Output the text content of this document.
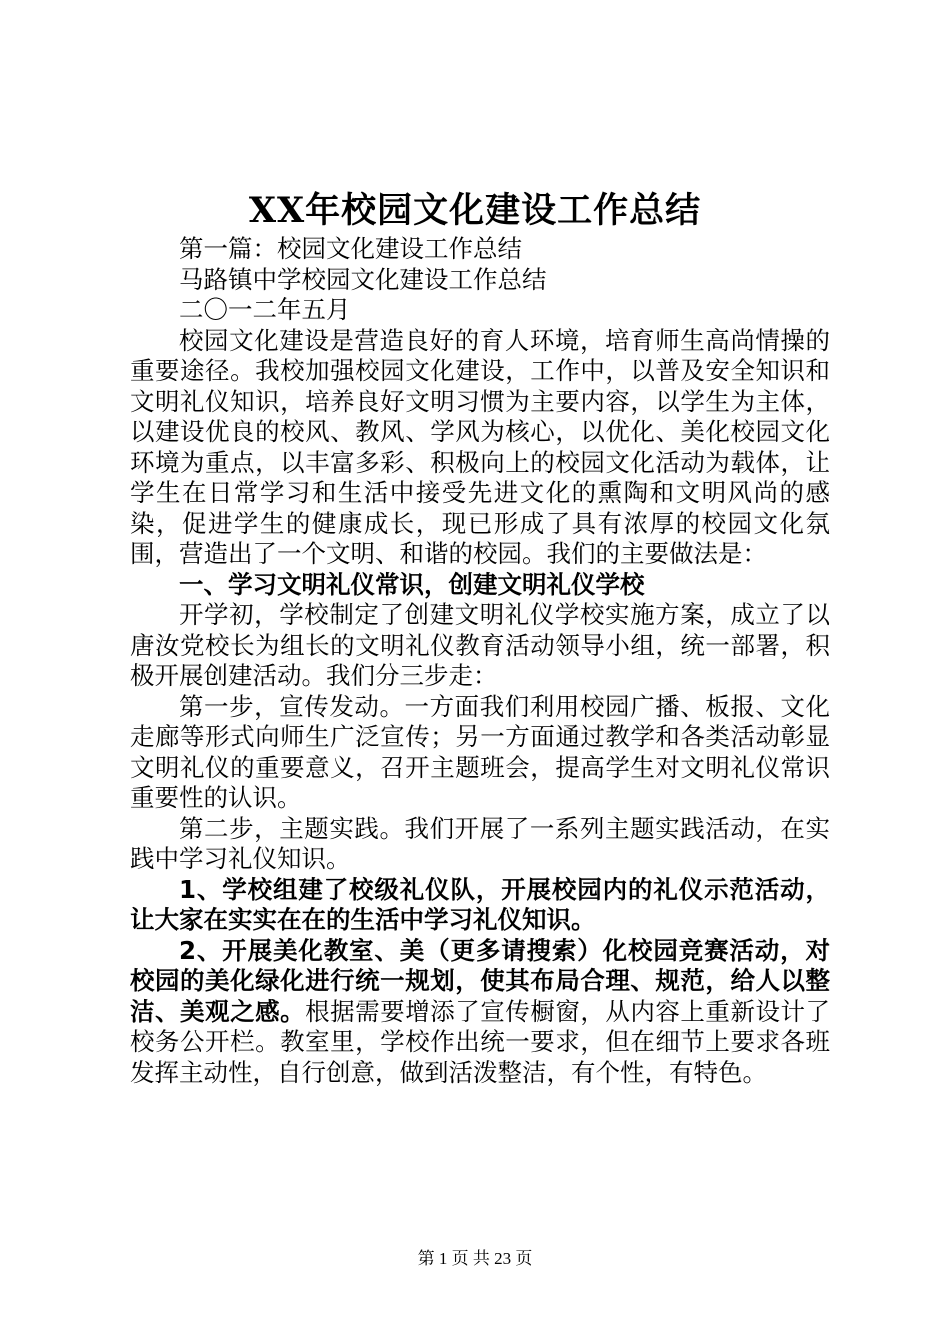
XX年校园文化建设工作总结

第一篇：校园文化建设工作总结

马路镇中学校园文化建设工作总结

二〇一二年五月

校园文化建设是营造良好的育人环境，培育师生高尚情操的重要途径。我校加强校园文化建设，工作中，以普及安全知识和文明礼仪知识，培养良好文明习惯为主要内容，以学生为主体，以建设优良的校风、教风、学风为核心，以优化、美化校园文化环境为重点，以丰富多彩、积极向上的校园文化活动为载体，让学生在日常学习和生活中接受先进文化的熏陶和文明风尚的感染，促进学生的健康成长，现已形成了具有浓厚的校园文化氛围，营造出了一个文明、和谐的校园。我们的主要做法是：

一、学习文明礼仪常识，创建文明礼仪学校

开学初，学校制定了创建文明礼仪学校实施方案，成立了以唐汝党校长为组长的文明礼仪教育活动领导小组，统一部署，积极开展创建活动。我们分三步走：

第一步，宣传发动。一方面我们利用校园广播、板报、文化走廊等形式向师生广泛宣传；另一方面通过教学和各类活动彰显文明礼仪的重要意义，召开主题班会，提高学生对文明礼仪常识重要性的认识。

第二步，主题实践。我们开展了一系列主题实践活动，在实践中学习礼仪知识。

1、学校组建了校级礼仪队，开展校园内的礼仪示范活动，让大家在实实在在的生活中学习礼仪知识。

2、开展美化教室、美（更多请搜索）化校园竞赛活动，对校园的美化绿化进行统一规划，使其布局合理、规范，给人以整洁、美观之感。根据需要增添了宣传橱窗，从内容上重新设计了校务公开栏。教室里，学校作出统一要求，但在细节上要求各班发挥主动性，自行创意，做到活泼整洁，有个性，有特色。

第 1 页 共 23 页
